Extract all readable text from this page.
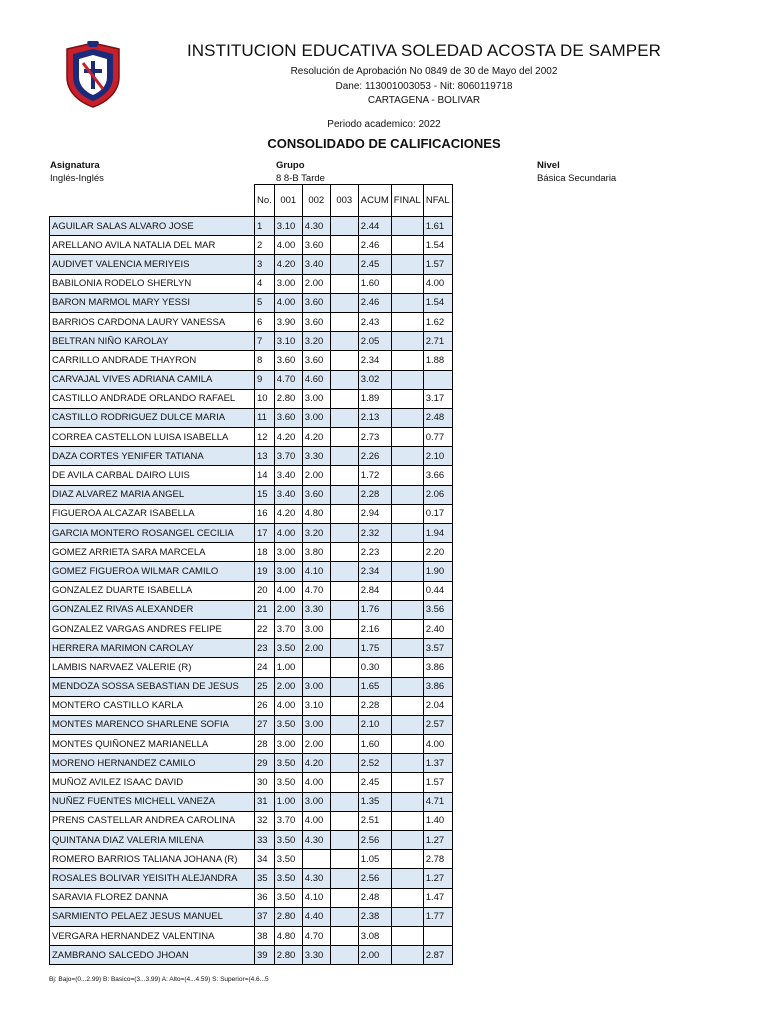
INSTITUCION EDUCATIVA SOLEDAD ACOSTA DE SAMPER
Resolución de Aprobación No 0849 de 30 de Mayo del 2002
Dane: 113001003053 - Nit: 8060119718
CARTAGENA - BOLIVAR
Periodo academico: 2022
CONSOLIDADO DE CALIFICACIONES
Asignatura
Inglés-Inglés
Grupo
8 8-B Tarde
Nivel
Básica Secundaria
	No.	001	002	003	ACUM	FINAL	NFAL
AGUILAR SALAS ALVARO JOSE	1	3.10	4.30		2.44		1.61
ARELLANO AVILA NATALIA DEL MAR	2	4.00	3.60		2.46		1.54
AUDIVET VALENCIA MERIYEIS	3	4.20	3.40		2.45		1.57
BABILONIA RODELO SHERLYN	4	3.00	2.00		1.60		4.00
BARON MARMOL MARY YESSI	5	4.00	3.60		2.46		1.54
BARRIOS CARDONA LAURY VANESSA	6	3.90	3.60		2.43		1.62
BELTRAN NIÑO KAROLAY	7	3.10	3.20		2.05		2.71
CARRILLO ANDRADE THAYRON	8	3.60	3.60		2.34		1.88
CARVAJAL VIVES ADRIANA CAMILA	9	4.70	4.60		3.02		
CASTILLO ANDRADE ORLANDO RAFAEL	10	2.80	3.00		1.89		3.17
CASTILLO RODRIGUEZ DULCE MARIA	11	3.60	3.00		2.13		2.48
CORREA CASTELLON LUISA ISABELLA	12	4.20	4.20		2.73		0.77
DAZA CORTES YENIFER TATIANA	13	3.70	3.30		2.26		2.10
DE AVILA CARBAL DAIRO LUIS	14	3.40	2.00		1.72		3.66
DIAZ ALVAREZ MARIA ANGEL	15	3.40	3.60		2.28		2.06
FIGUEROA ALCAZAR ISABELLA	16	4.20	4.80		2.94		0.17
GARCIA MONTERO ROSANGEL CECILIA	17	4.00	3.20		2.32		1.94
GOMEZ ARRIETA SARA MARCELA	18	3.00	3.80		2.23		2.20
GOMEZ FIGUEROA WILMAR CAMILO	19	3.00	4.10		2.34		1.90
GONZALEZ DUARTE ISABELLA	20	4.00	4.70		2.84		0.44
GONZALEZ RIVAS ALEXANDER	21	2.00	3.30		1.76		3.56
GONZALEZ VARGAS ANDRES FELIPE	22	3.70	3.00		2.16		2.40
HERRERA MARIMON CAROLAY	23	3.50	2.00		1.75		3.57
LAMBIS NARVAEZ VALERIE (R)	24	1.00			0.30		3.86
MENDOZA SOSSA SEBASTIAN DE JESUS	25	2.00	3.00		1.65		3.86
MONTERO CASTILLO KARLA	26	4.00	3.10		2.28		2.04
MONTES MARENCO SHARLENE SOFIA	27	3.50	3.00		2.10		2.57
MONTES QUIÑONEZ MARIANELLA	28	3.00	2.00		1.60		4.00
MORENO HERNANDEZ CAMILO	29	3.50	4.20		2.52		1.37
MUÑOZ AVILEZ ISAAC DAVID	30	3.50	4.00		2.45		1.57
NUÑEZ FUENTES MICHELL VANEZA	31	1.00	3.00		1.35		4.71
PRENS CASTELLAR ANDREA CAROLINA	32	3.70	4.00		2.51		1.40
QUINTANA DIAZ VALERIA MILENA	33	3.50	4.30		2.56		1.27
ROMERO BARRIOS TALIANA JOHANA (R)	34	3.50			1.05		2.78
ROSALES BOLIVAR YEISITH ALEJANDRA	35	3.50	4.30		2.56		1.27
SARAVIA FLOREZ DANNA	36	3.50	4.10		2.48		1.47
SARMIENTO PELAEZ JESUS MANUEL	37	2.80	4.40		2.38		1.77
VERGARA HERNANDEZ VALENTINA	38	4.80	4.70		3.08		
ZAMBRANO SALCEDO JHOAN	39	2.80	3.30		2.00		2.87
Bj: Bajo=(0...2.99) B: Basico=(3...3.99) A: Alto=(4...4.59) S: Superior=(4.6...5
